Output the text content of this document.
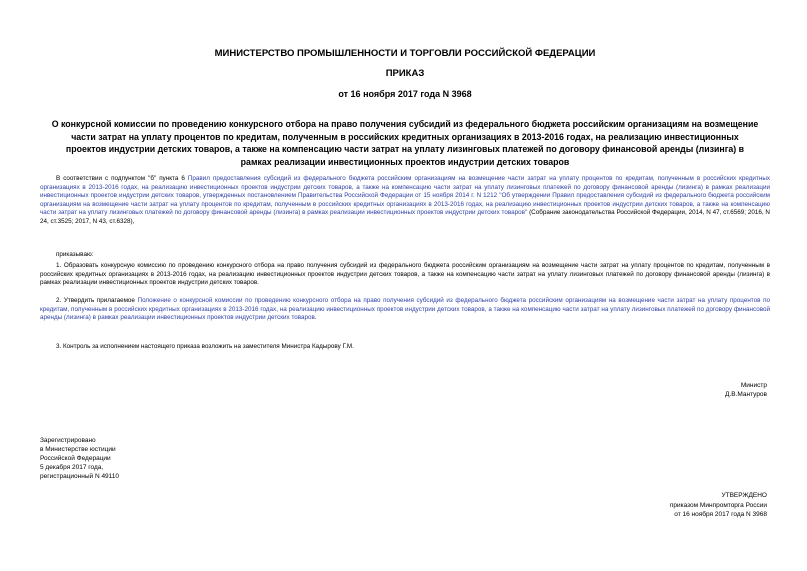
МИНИСТЕРСТВО ПРОМЫШЛЕННОСТИ И ТОРГОВЛИ РОССИЙСКОЙ ФЕДЕРАЦИИ
ПРИКАЗ
от 16 ноября 2017 года N 3968
О конкурсной комиссии по проведению конкурсного отбора на право получения субсидий из федерального бюджета российским организациям на возмещение части затрат на уплату процентов по кредитам, полученным в российских кредитных организациях в 2013-2016 годах, на реализацию инвестиционных проектов индустрии детских товаров, а также на компенсацию части затрат на уплату лизинговых платежей по договору финансовой аренды (лизинга) в рамках реализации инвестиционных проектов индустрии детских товаров
В соответствии с подпунктом "б" пункта 6 Правил предоставления субсидий из федерального бюджета российским организациям на возмещение части затрат на уплату процентов по кредитам, полученным в российских кредитных организациях в 2013-2016 годах, на реализацию инвестиционных проектов индустрии детских товаров, а также на компенсацию части затрат на уплату лизинговых платежей по договору финансовой аренды (лизинга) в рамках реализации инвестиционных проектов индустрии детских товаров, утвержденных постановлением Правительства Российской Федерации от 15 ноября 2014 г. N 1212 "Об утверждении Правил предоставления субсидий из федерального бюджета российским организациям на возмещение части затрат на уплату процентов по кредитам, полученным в российских кредитных организациях в 2013-2016 годах, на реализацию инвестиционных проектов индустрии детских товаров, а также на компенсацию части затрат на уплату лизинговых платежей по договору финансовой аренды (лизинга) в рамках реализации инвестиционных проектов индустрии детских товаров" (Собрание законодательства Российской Федерации, 2014, N 47, ст.6569; 2016, N 24, ст.3525; 2017, N 43, ст.6328),
приказываю:
1. Образовать конкурсную комиссию по проведению конкурсного отбора на право получения субсидий из федерального бюджета российским организациям на возмещение части затрат на уплату процентов по кредитам, полученным в российских кредитных организациях в 2013-2016 годах, на реализацию инвестиционных проектов индустрии детских товаров, а также на компенсацию части затрат на уплату лизинговых платежей по договору финансовой аренды (лизинга) в рамках реализации инвестиционных проектов индустрии детских товаров.
2. Утвердить прилагаемое Положение о конкурсной комиссии по проведению конкурсного отбора на право получения субсидий из федерального бюджета российским организациям на возмещение части затрат на уплату процентов по кредитам, полученным в российских кредитных организациях в 2013-2016 годах, на реализацию инвестиционных проектов индустрии детских товаров, а также на компенсацию части затрат на уплату лизинговых платежей по договору финансовой аренды (лизинга) в рамках реализации инвестиционных проектов индустрии детских товаров.
3. Контроль за исполнением настоящего приказа возложить на заместителя Министра Кадырову Г.М.
Министр
Д.В.Мантуров
Зарегистрировано
в Министерстве юстиции
Российской Федерации
5 декабря 2017 года,
регистрационный N 49110
УТВЕРЖДЕНО
приказом Минпромторга России
от 16 ноября 2017 года N 3968
